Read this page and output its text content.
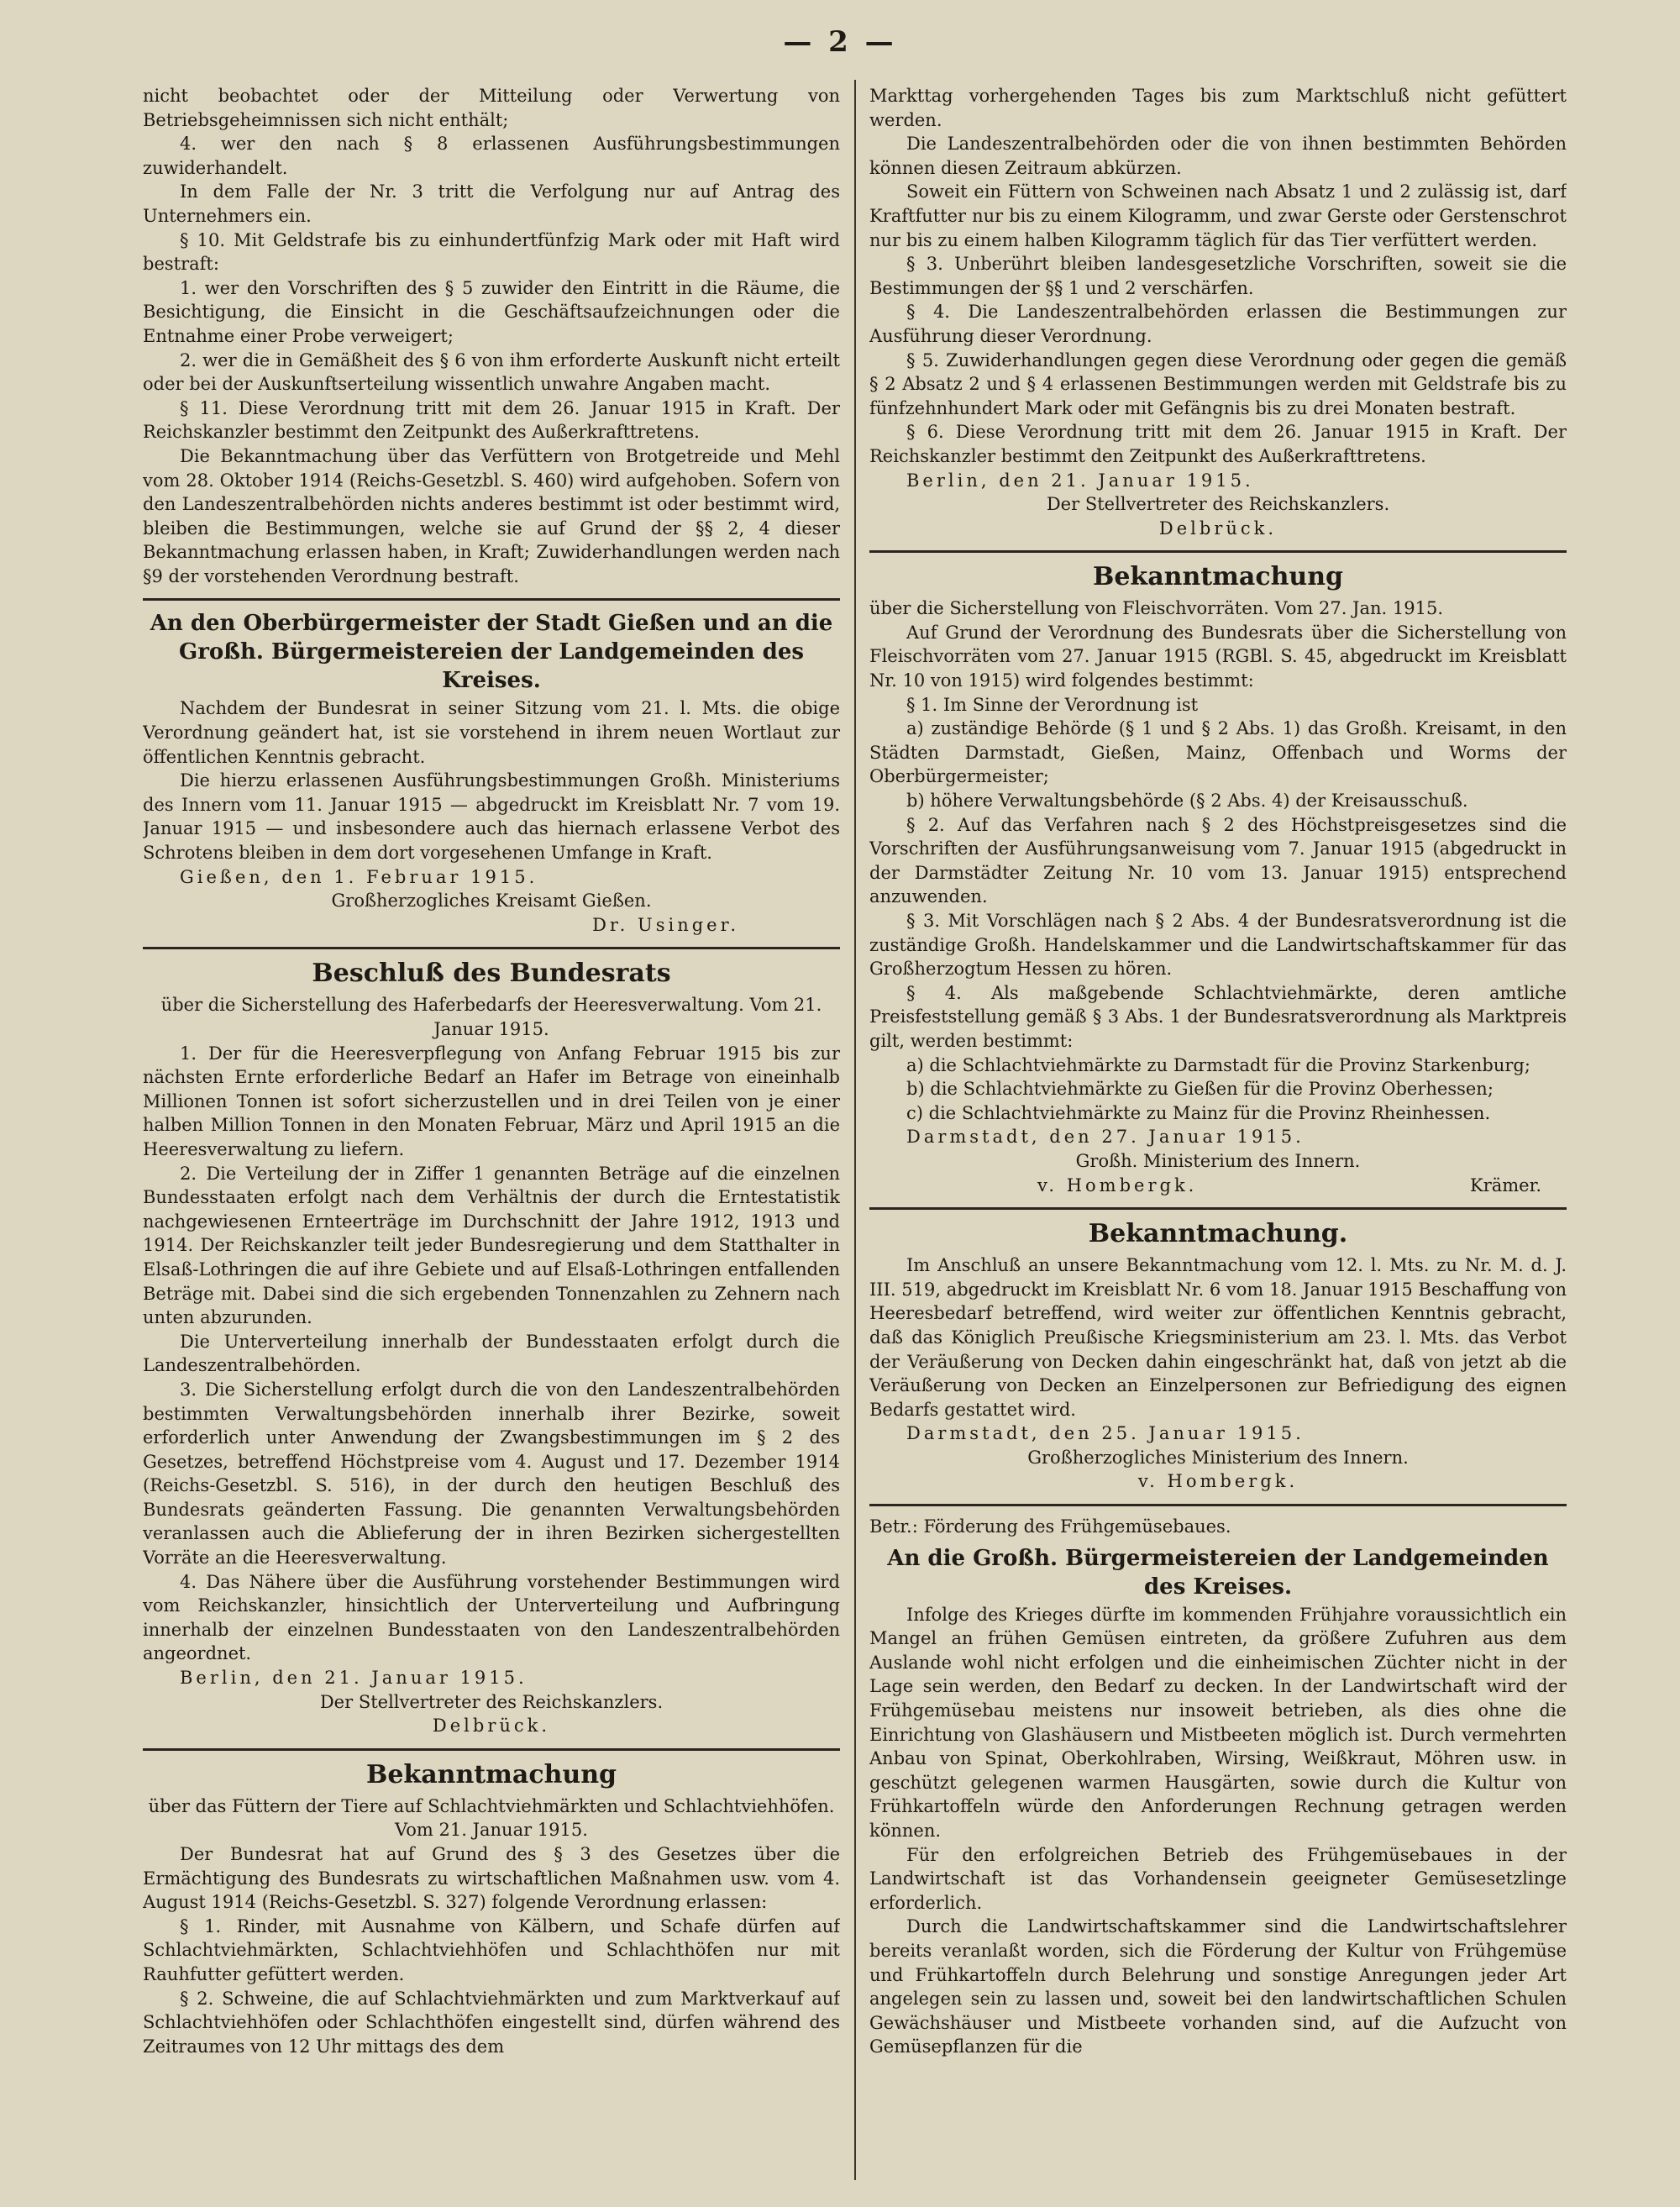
— 2 —

nicht beobachtet oder der Mitteilung oder Verwertung von Betriebsgeheimnissen sich nicht enthält;

4. wer den nach § 8 erlassenen Ausführungsbestimmungen zuwiderhandelt.

In dem Falle der Nr. 3 tritt die Verfolgung nur auf Antrag des Unternehmers ein.

§ 10. Mit Geldstrafe bis zu einhundertfünfzig Mark oder mit Haft wird bestraft:

1. wer den Vorschriften des § 5 zuwider den Eintritt in die Räume, die Besichtigung, die Einsicht in die Geschäftsaufzeichnungen oder die Entnahme einer Probe verweigert;

2. wer die in Gemäßheit des § 6 von ihm erforderte Auskunft nicht erteilt oder bei der Auskunftserteilung wissentlich unwahre Angaben macht.

§ 11. Diese Verordnung tritt mit dem 26. Januar 1915 in Kraft. Der Reichskanzler bestimmt den Zeitpunkt des Außerkrafttretens.

Die Bekanntmachung über das Verfüttern von Brotgetreide und Mehl vom 28. Oktober 1914 (Reichs-Gesetzbl. S. 460) wird aufgehoben. Sofern von den Landeszentralbehörden nichts anderes bestimmt ist oder bestimmt wird, bleiben die Bestimmungen, welche sie auf Grund der §§ 2, 4 dieser Bekanntmachung erlassen haben, in Kraft; Zuwiderhandlungen werden nach §9 der vorstehenden Verordnung bestraft.

An den Oberbürgermeister der Stadt Gießen und an die Großh. Bürgermeistereien der Landgemeinden des Kreises.

Nachdem der Bundesrat in seiner Sitzung vom 21. l. Mts. die obige Verordnung geändert hat, ist sie vorstehend in ihrem neuen Wortlaut zur öffentlichen Kenntnis gebracht.

Die hierzu erlassenen Ausführungsbestimmungen Großh. Ministeriums des Innern vom 11. Januar 1915 — abgedruckt im Kreisblatt Nr. 7 vom 19. Januar 1915 — und insbesondere auch das hiernach erlassene Verbot des Schrotens bleiben in dem dort vorgesehenen Umfange in Kraft.

Gießen, den 1. Februar 1915.

Großherzogliches Kreisamt Gießen.

Dr. Usinger.

Beschluß des Bundesrats

über die Sicherstellung des Haferbedarfs der Heeresverwaltung. Vom 21. Januar 1915.

1. Der für die Heeresverpflegung von Anfang Februar 1915 bis zur nächsten Ernte erforderliche Bedarf an Hafer im Betrage von eineinhalb Millionen Tonnen ist sofort sicherzustellen und in drei Teilen von je einer halben Million Tonnen in den Monaten Februar, März und April 1915 an die Heeresverwaltung zu liefern.

2. Die Verteilung der in Ziffer 1 genannten Beträge auf die einzelnen Bundesstaaten erfolgt nach dem Verhältnis der durch die Erntestatistik nachgewiesenen Ernteerträge im Durchschnitt der Jahre 1912, 1913 und 1914. Der Reichskanzler teilt jeder Bundesregierung und dem Statthalter in Elsaß-Lothringen die auf ihre Gebiete und auf Elsaß-Lothringen entfallenden Beträge mit. Dabei sind die sich ergebenden Tonnenzahlen zu Zehnern nach unten abzurunden.

Die Unterverteilung innerhalb der Bundesstaaten erfolgt durch die Landeszentralbehörden.

3. Die Sicherstellung erfolgt durch die von den Landeszentralbehörden bestimmten Verwaltungsbehörden innerhalb ihrer Bezirke, soweit erforderlich unter Anwendung der Zwangsbestimmungen im § 2 des Gesetzes, betreffend Höchstpreise vom 4. August und 17. Dezember 1914 (Reichs-Gesetzbl. S. 516), in der durch den heutigen Beschluß des Bundesrats geänderten Fassung. Die genannten Verwaltungsbehörden veranlassen auch die Ablieferung der in ihren Bezirken sichergestellten Vorräte an die Heeresverwaltung.

4. Das Nähere über die Ausführung vorstehender Bestimmungen wird vom Reichskanzler, hinsichtlich der Unterverteilung und Aufbringung innerhalb der einzelnen Bundesstaaten von den Landeszentralbehörden angeordnet.

Berlin, den 21. Januar 1915.

Der Stellvertreter des Reichskanzlers.

Delbrück.

Bekanntmachung

über das Füttern der Tiere auf Schlachtviehmärkten und Schlachtviehhöfen. Vom 21. Januar 1915.

Der Bundesrat hat auf Grund des § 3 des Gesetzes über die Ermächtigung des Bundesrats zu wirtschaftlichen Maßnahmen usw. vom 4. August 1914 (Reichs-Gesetzbl. S. 327) folgende Verordnung erlassen:

§ 1. Rinder, mit Ausnahme von Kälbern, und Schafe dürfen auf Schlachtviehmärkten, Schlachtviehhöfen und Schlachthöfen nur mit Rauhfutter gefüttert werden.

§ 2. Schweine, die auf Schlachtviehmärkten und zum Marktverkauf auf Schlachtviehhöfen oder Schlachthöfen eingestellt sind, dürfen während des Zeitraumes von 12 Uhr mittags des dem

Markttag vorhergehenden Tages bis zum Marktschluß nicht gefüttert werden.

Die Landeszentralbehörden oder die von ihnen bestimmten Behörden können diesen Zeitraum abkürzen.

Soweit ein Füttern von Schweinen nach Absatz 1 und 2 zulässig ist, darf Kraftfutter nur bis zu einem Kilogramm, und zwar Gerste oder Gerstenschrot nur bis zu einem halben Kilogramm täglich für das Tier verfüttert werden.

§ 3. Unberührt bleiben landesgesetzliche Vorschriften, soweit sie die Bestimmungen der §§ 1 und 2 verschärfen.

§ 4. Die Landeszentralbehörden erlassen die Bestimmungen zur Ausführung dieser Verordnung.

§ 5. Zuwiderhandlungen gegen diese Verordnung oder gegen die gemäß § 2 Absatz 2 und § 4 erlassenen Bestimmungen werden mit Geldstrafe bis zu fünfzehnhundert Mark oder mit Gefängnis bis zu drei Monaten bestraft.

§ 6. Diese Verordnung tritt mit dem 26. Januar 1915 in Kraft. Der Reichskanzler bestimmt den Zeitpunkt des Außerkrafttretens.

Berlin, den 21. Januar 1915.

Der Stellvertreter des Reichskanzlers.

Delbrück.

Bekanntmachung

über die Sicherstellung von Fleischvorräten. Vom 27. Jan. 1915.

Auf Grund der Verordnung des Bundesrats über die Sicherstellung von Fleischvorräten vom 27. Januar 1915 (RGBl. S. 45, abgedruckt im Kreisblatt Nr. 10 von 1915) wird folgendes bestimmt:

§ 1. Im Sinne der Verordnung ist

a) zuständige Behörde (§ 1 und § 2 Abs. 1) das Großh. Kreisamt, in den Städten Darmstadt, Gießen, Mainz, Offenbach und Worms der Oberbürgermeister;

b) höhere Verwaltungsbehörde (§ 2 Abs. 4) der Kreisausschuß.

§ 2. Auf das Verfahren nach § 2 des Höchstpreisgesetzes sind die Vorschriften der Ausführungsanweisung vom 7. Januar 1915 (abgedruckt in der Darmstädter Zeitung Nr. 10 vom 13. Januar 1915) entsprechend anzuwenden.

§ 3. Mit Vorschlägen nach § 2 Abs. 4 der Bundesratsverordnung ist die zuständige Großh. Handelskammer und die Landwirtschaftskammer für das Großherzogtum Hessen zu hören.

§ 4. Als maßgebende Schlachtviehmärkte, deren amtliche Preisfeststellung gemäß § 3 Abs. 1 der Bundesratsverordnung als Marktpreis gilt, werden bestimmt:

a) die Schlachtviehmärkte zu Darmstadt für die Provinz Starkenburg;

b) die Schlachtviehmärkte zu Gießen für die Provinz Oberhessen;

c) die Schlachtviehmärkte zu Mainz für die Provinz Rheinhessen.

Darmstadt, den 27. Januar 1915.

Großh. Ministerium des Innern.

v. Hombergk.	Krämer.
Bekanntmachung.

Im Anschluß an unsere Bekanntmachung vom 12. l. Mts. zu Nr. M. d. J. III. 519, abgedruckt im Kreisblatt Nr. 6 vom 18. Januar 1915 Beschaffung von Heeresbedarf betreffend, wird weiter zur öffentlichen Kenntnis gebracht, daß das Königlich Preußische Kriegsministerium am 23. l. Mts. das Verbot der Veräußerung von Decken dahin eingeschränkt hat, daß von jetzt ab die Veräußerung von Decken an Einzelpersonen zur Befriedigung des eignen Bedarfs gestattet wird.

Darmstadt, den 25. Januar 1915.

Großherzogliches Ministerium des Innern.

v. Hombergk.

Betr.: Förderung des Frühgemüsebaues.

An die Großh. Bürgermeistereien der Landgemeinden des Kreises.

Infolge des Krieges dürfte im kommenden Frühjahre voraussichtlich ein Mangel an frühen Gemüsen eintreten, da größere Zufuhren aus dem Auslande wohl nicht erfolgen und die einheimischen Züchter nicht in der Lage sein werden, den Bedarf zu decken. In der Landwirtschaft wird der Frühgemüsebau meistens nur insoweit betrieben, als dies ohne die Einrichtung von Glashäusern und Mistbeeten möglich ist. Durch vermehrten Anbau von Spinat, Oberkohlraben, Wirsing, Weißkraut, Möhren usw. in geschützt gelegenen warmen Hausgärten, sowie durch die Kultur von Frühkartoffeln würde den Anforderungen Rechnung getragen werden können.

Für den erfolgreichen Betrieb des Frühgemüsebaues in der Landwirtschaft ist das Vorhandensein geeigneter Gemüsesetzlinge erforderlich.

Durch die Landwirtschaftskammer sind die Landwirtschaftslehrer bereits veranlaßt worden, sich die Förderung der Kultur von Frühgemüse und Frühkartoffeln durch Belehrung und sonstige Anregungen jeder Art angelegen sein zu lassen und, soweit bei den landwirtschaftlichen Schulen Gewächshäuser und Mistbeete vorhanden sind, auf die Aufzucht von Gemüsepflanzen für die
